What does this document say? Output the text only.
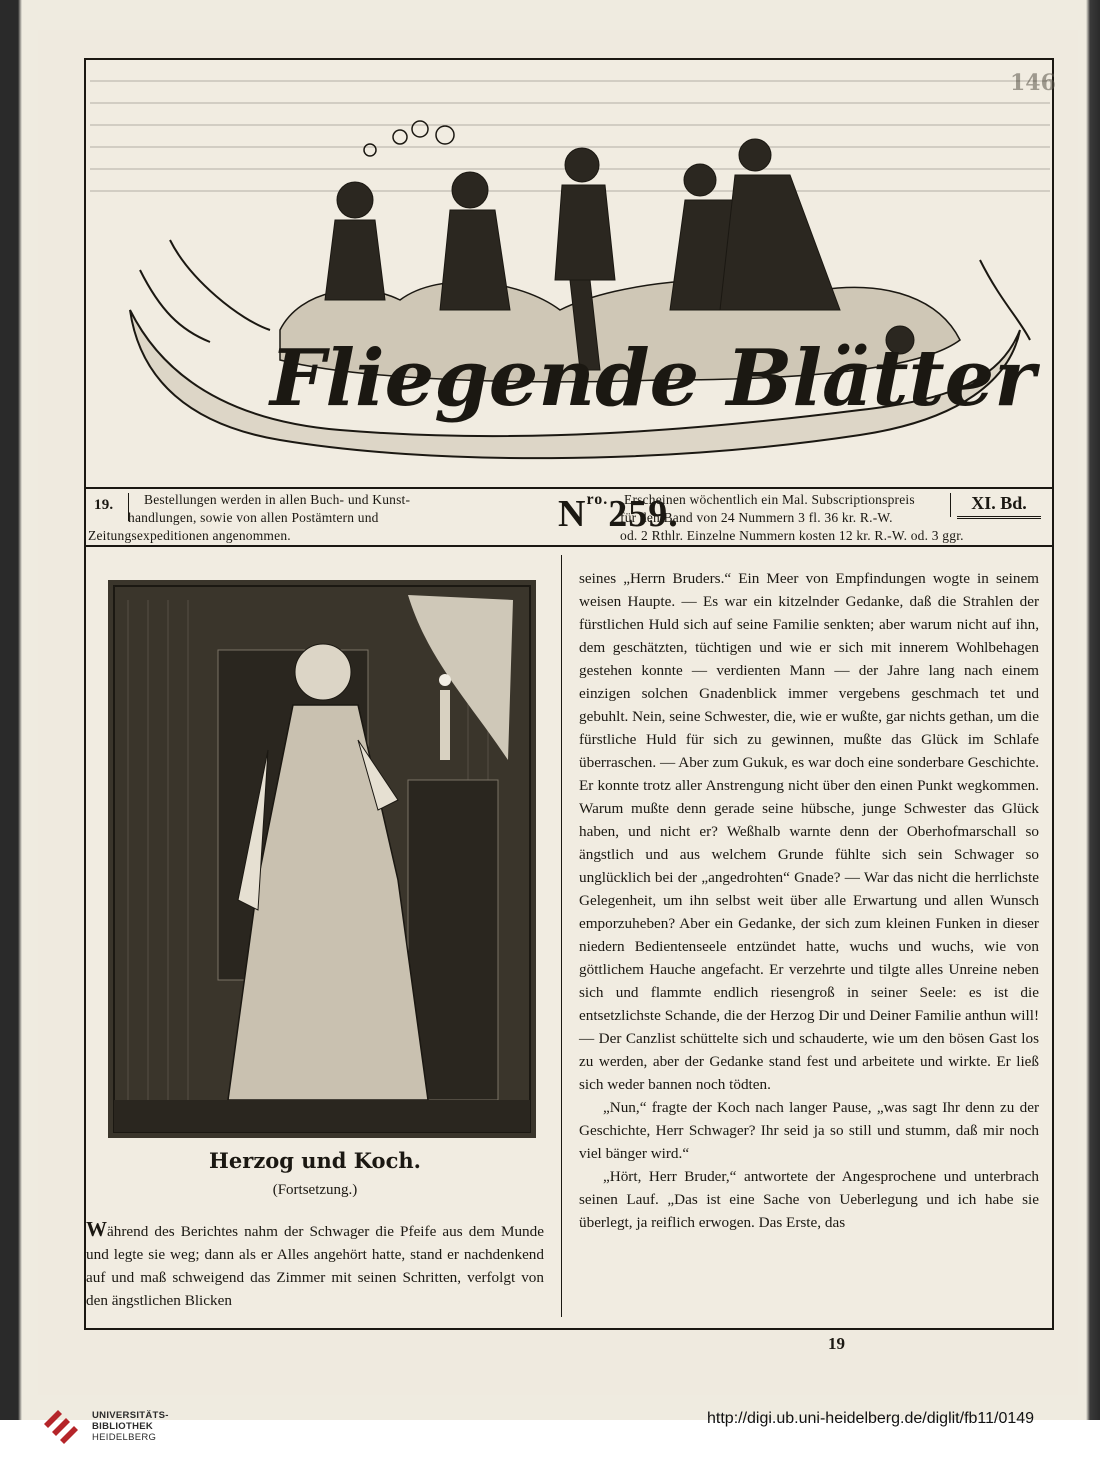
146
Fliegende Blätter
19. Bestellungen werden in allen Buch- und Kunst-
handlungen, sowie von allen Postämtern und
Zeitungsexpeditionen angenommen.
$N^{ro.}259$.
Erscheinen wöchentlich ein Mal. Subscriptionspreis
für den Band von 24 Nummern 3 fl. 36 kr. R.-W.
od. 2 Rthlr. Einzelne Nummern kosten 12 kr. R.-W. od. 3 ggr.
XI. Bd.
Herzog und Koch.
(Fortsetzung.)

Während des Berichtes nahm der Schwager die Pfeife aus dem Munde und legte sie weg; dann als er Alles angehört hatte, stand er nachdenkend auf und maß schweigend das Zimmer mit seinen Schritten, verfolgt von den ängstlichen Blicken

seines „Herrn Bruders.“ Ein Meer von Empfindungen wogte in seinem weisen Haupte. — Es war ein kitzelnder Gedanke, daß die Strahlen der fürstlichen Huld sich auf seine Familie senkten; aber warum nicht auf ihn, dem geschätzten, tüchtigen und wie er sich mit innerem Wohlbehagen gestehen konnte — verdienten Mann — der Jahre lang nach einem einzigen solchen Gnadenblick immer vergebens geschmach tet und gebuhlt. Nein, seine Schwester, die, wie er wußte, gar nichts gethan, um die fürstliche Huld für sich zu gewinnen, mußte das Glück im Schlafe überraschen. — Aber zum Gukuk, es war doch eine sonderbare Geschichte. Er konnte trotz aller Anstrengung nicht über den einen Punkt wegkommen. Warum mußte denn gerade seine hübsche, junge Schwester das Glück haben, und nicht er? Weßhalb warnte denn der Oberhofmarschall so ängstlich und aus welchem Grunde fühlte sich sein Schwager so unglücklich bei der „angedrohten“ Gnade? — War das nicht die herrlichste Gelegenheit, um ihn selbst weit über alle Erwartung und allen Wunsch emporzuheben? Aber ein Gedanke, der sich zum kleinen Funken in dieser niedern Bedientenseele entzündet hatte, wuchs und wuchs, wie von göttlichem Hauche angefacht. Er verzehrte und tilgte alles Unreine neben sich und flammte endlich riesengroß in seiner Seele: es ist die entsetzlichste Schande, die der Herzog Dir und Deiner Familie anthun will! — Der Canzlist schüttelte sich und schauderte, wie um den bösen Gast los zu werden, aber der Gedanke stand fest und arbeitete und wirkte. Er ließ sich weder bannen noch tödten.

„Nun,“ fragte der Koch nach langer Pause, „was sagt Ihr denn zu der Geschichte, Herr Schwager? Ihr seid ja so still und stumm, daß mir noch viel bänger wird.“

„Hört, Herr Bruder,“ antwortete der Angesprochene und unterbrach seinen Lauf. „Das ist eine Sache von Ueberlegung und ich habe sie überlegt, ja reiflich erwogen. Das Erste, das

19
UNIVERSITÄTS-
BIBLIOTHEK
HEIDELBERG
http://digi.ub.uni-heidelberg.de/diglit/fb11/0149
